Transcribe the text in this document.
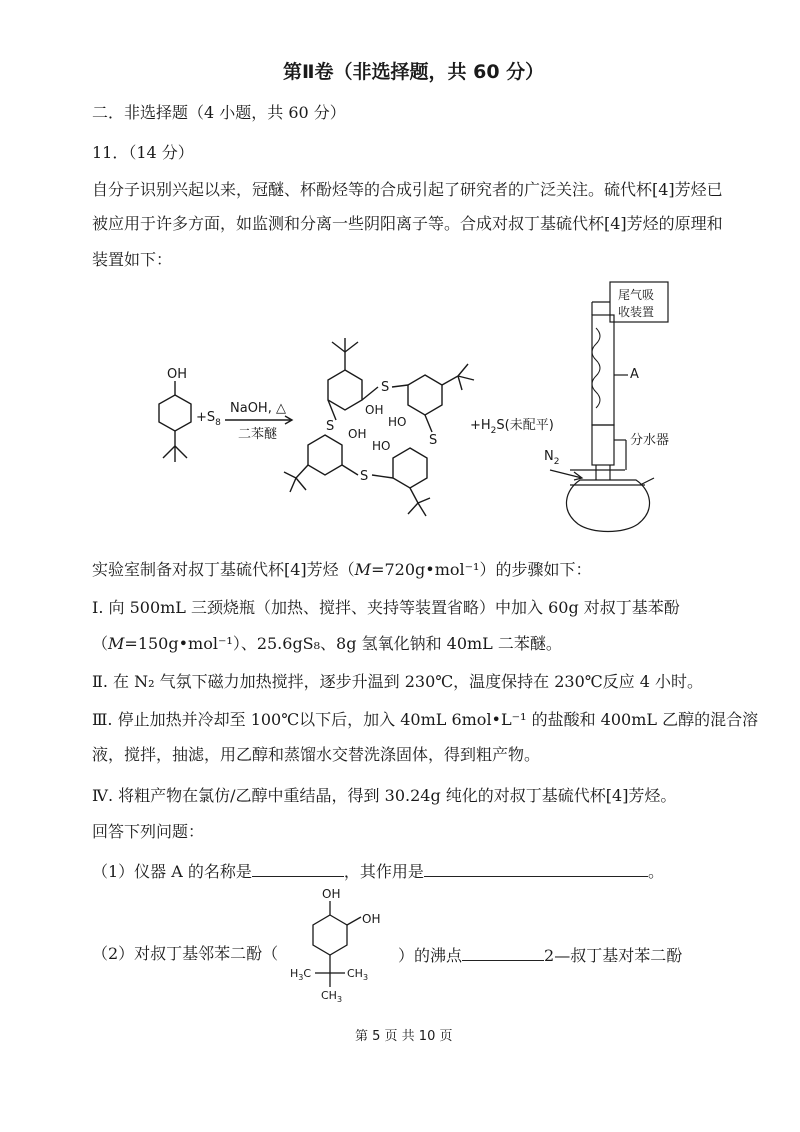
第Ⅱ卷（非选择题，共 60 分）
二．非选择题（4 小题，共 60 分）
11．（14 分）
自分子识别兴起以来，冠醚、杯酚烃等的合成引起了研究者的广泛关注。硫代杯[4]芳烃已
被应用于许多方面，如监测和分离一些阴阳离子等。合成对叔丁基硫代杯[4]芳烃的原理和
装置如下：
OH
$+S_8$
NaOH, △
二苯醚
S
S
S
S
OH
HO
OH
HO
$+H_2S$(未配平)
尾气吸
收装置
A
分水器
$N_2$
实验室制备对叔丁基硫代杯[4]芳烃（M=720g•mol⁻¹）的步骤如下：
Ⅰ. 向 500mL 三颈烧瓶（加热、搅拌、夹持等装置省略）中加入 60g 对叔丁基苯酚
（M=150g•mol⁻¹）、25.6gS₈、8g 氢氧化钠和 40mL 二苯醚。
Ⅱ. 在 N₂ 气氛下磁力加热搅拌，逐步升温到 230℃，温度保持在 230℃反应 4 小时。
Ⅲ. 停止加热并冷却至 100℃以下后，加入 40mL 6mol•L⁻¹ 的盐酸和 400mL 乙醇的混合溶
液，搅拌，抽滤，用乙醇和蒸馏水交替洗涤固体，得到粗产物。
Ⅳ. 将粗产物在氯仿/乙醇中重结晶，得到 30.24g 纯化的对叔丁基硫代杯[4]芳烃。
回答下列问题：
（1）仪器 A 的名称是	，其作用是	。
（2）对叔丁基邻苯二酚（
OH
OH
$H_3C$	$CH_3$
$CH_3$
）的沸点	2—叔丁基对苯二酚
第 5 页 共 10 页
